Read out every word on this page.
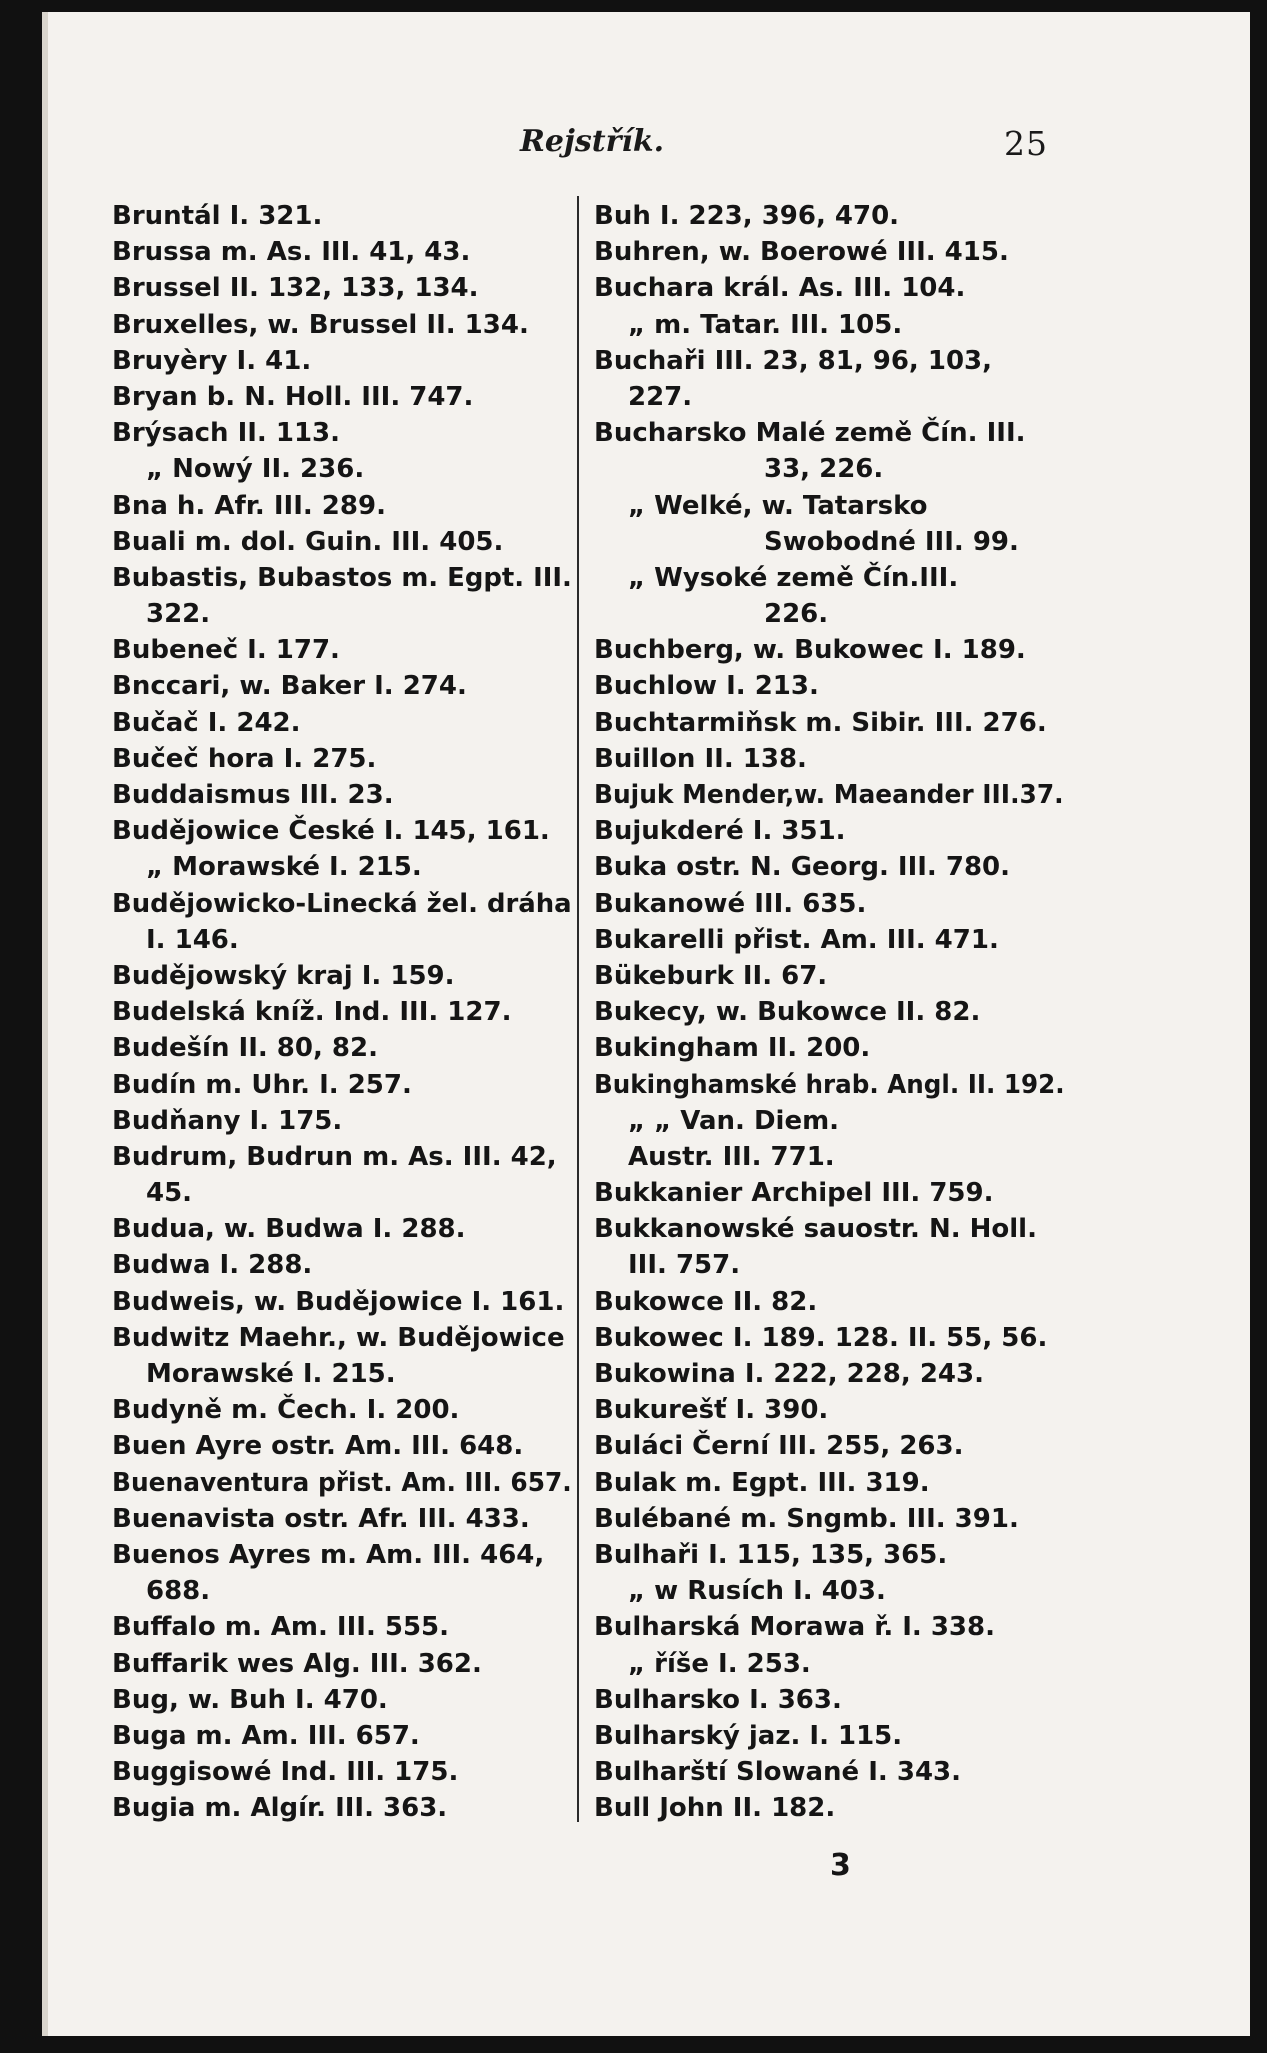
Rejstřík.	25
Bruntál I. 321.
Brussa m. As. III. 41, 43.
Brussel II. 132, 133, 134.
Bruxelles, w. Brussel II. 134.
Bruyèry I. 41.
Bryan b. N. Holl. III. 747.
Brýsach II. 113.
„ Nowý II. 236.
Bna h. Afr. III. 289.
Buali m. dol. Guin. III. 405.
Bubastis, Bubastos m. Egpt. III.
322.
Bubeneč I. 177.
Bnccari, w. Baker I. 274.
Bučač I. 242.
Bučeč hora I. 275.
Buddaismus III. 23.
Budějowice České I. 145, 161.
„ Morawské I. 215.
Budějowicko-Linecká žel. dráha
I. 146.
Budějowský kraj I. 159.
Budelská kníž. Ind. III. 127.
Budešín II. 80, 82.
Budín m. Uhr. I. 257.
Budňany I. 175.
Budrum, Budrun m. As. III. 42,
45.
Budua, w. Budwa I. 288.
Budwa I. 288.
Budweis, w. Budějowice I. 161.
Budwitz Maehr., w. Budějowice
Morawské I. 215.
Budyně m. Čech. I. 200.
Buen Ayre ostr. Am. III. 648.
Buenaventura přist. Am. III. 657.
Buenavista ostr. Afr. III. 433.
Buenos Ayres m. Am. III. 464,
688.
Buffalo m. Am. III. 555.
Buffarik wes Alg. III. 362.
Bug, w. Buh I. 470.
Buga m. Am. III. 657.
Buggisowé Ind. III. 175.
Bugia m. Algír. III. 363.
Buh I. 223, 396, 470.
Buhren, w. Boerowé III. 415.
Buchara král. As. III. 104.
„ m. Tatar. III. 105.
Buchaři III. 23, 81, 96, 103,
227.
Bucharsko Malé země Čín. III.
33, 226.
„ Welké, w. Tatarsko
Swobodné III. 99.
„ Wysoké země Čín.III.
226.
Buchberg, w. Bukowec I. 189.
Buchlow I. 213.
Buchtarmiňsk m. Sibir. III. 276.
Buillon II. 138.
Bujuk Mender,w. Maeander III.37.
Bujukderé I. 351.
Buka ostr. N. Georg. III. 780.
Bukanowé III. 635.
Bukarelli přist. Am. III. 471.
Bükeburk II. 67.
Bukecy, w. Bukowce II. 82.
Bukingham II. 200.
Bukinghamské hrab. Angl. II. 192.
„ „ Van. Diem.
Austr. III. 771.
Bukkanier Archipel III. 759.
Bukkanowské sauostr. N. Holl.
III. 757.
Bukowce II. 82.
Bukowec I. 189. 128. II. 55, 56.
Bukowina I. 222, 228, 243.
Bukurešť I. 390.
Buláci Černí III. 255, 263.
Bulak m. Egpt. III. 319.
Bulébané m. Sngmb. III. 391.
Bulhaři I. 115, 135, 365.
„ w Rusích I. 403.
Bulharská Morawa ř. I. 338.
„ říše I. 253.
Bulharsko I. 363.
Bulharský jaz. I. 115.
Bulharští Slowané I. 343.
Bull John II. 182.
3
